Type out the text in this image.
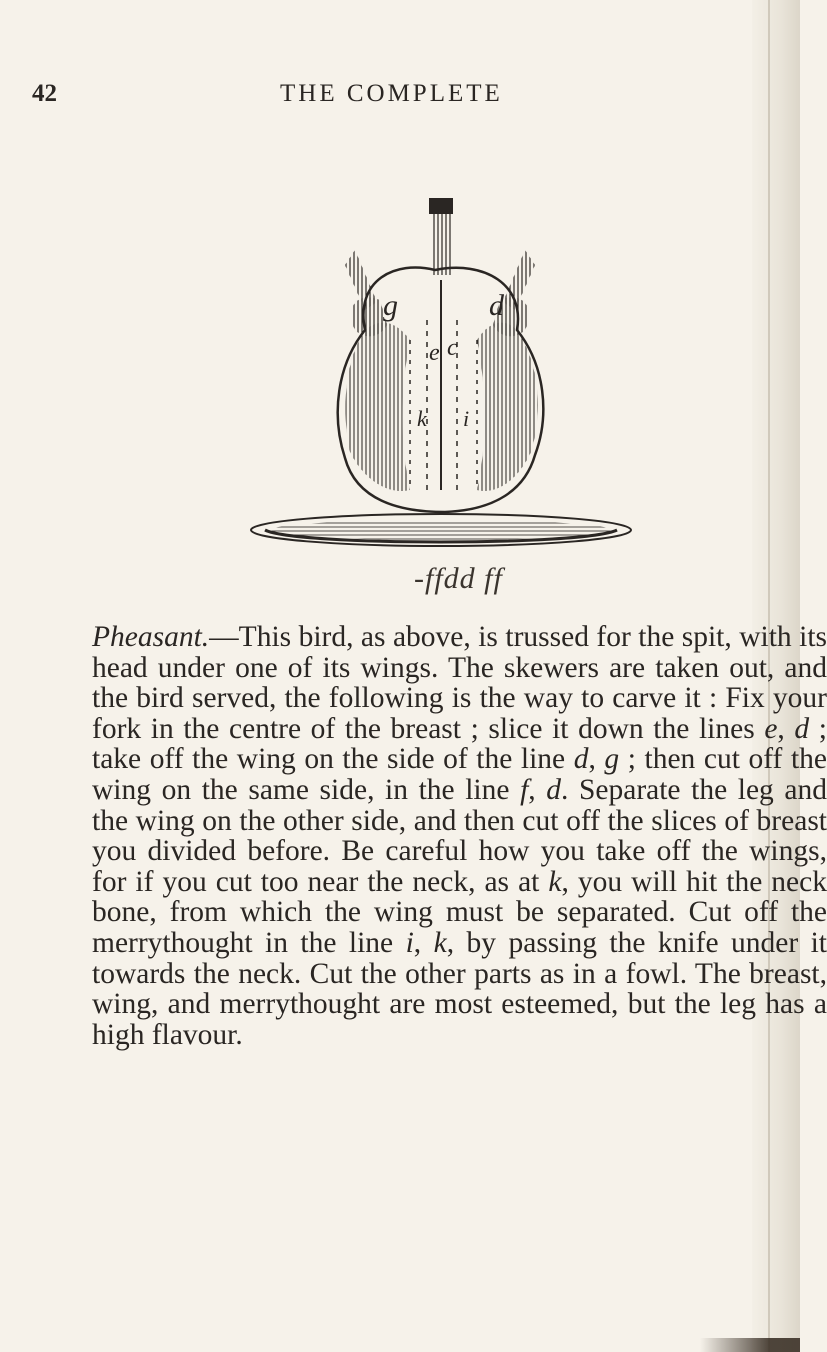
42	THE COMPLETE
g	d
e c
k i
-ffdd ff

Pheasant.—This bird, as above, is trussed for the spit, with its head under one of its wings. The skewers are taken out, and the bird served, the following is the way to carve it : Fix your fork in the centre of the breast ; slice it down the lines e, d ; take off the wing on the side of the line d, g ; then cut off the wing on the same side, in the line f, d. Separate the leg and the wing on the other side, and then cut off the slices of breast you divided before. Be careful how you take off the wings, for if you cut too near the neck, as at k, you will hit the neck bone, from which the wing must be separated. Cut off the merrythought in the line i, k, by passing the knife under it towards the neck. Cut the other parts as in a fowl. The breast, wing, and merrythought are most esteemed, but the leg has a high flavour.
